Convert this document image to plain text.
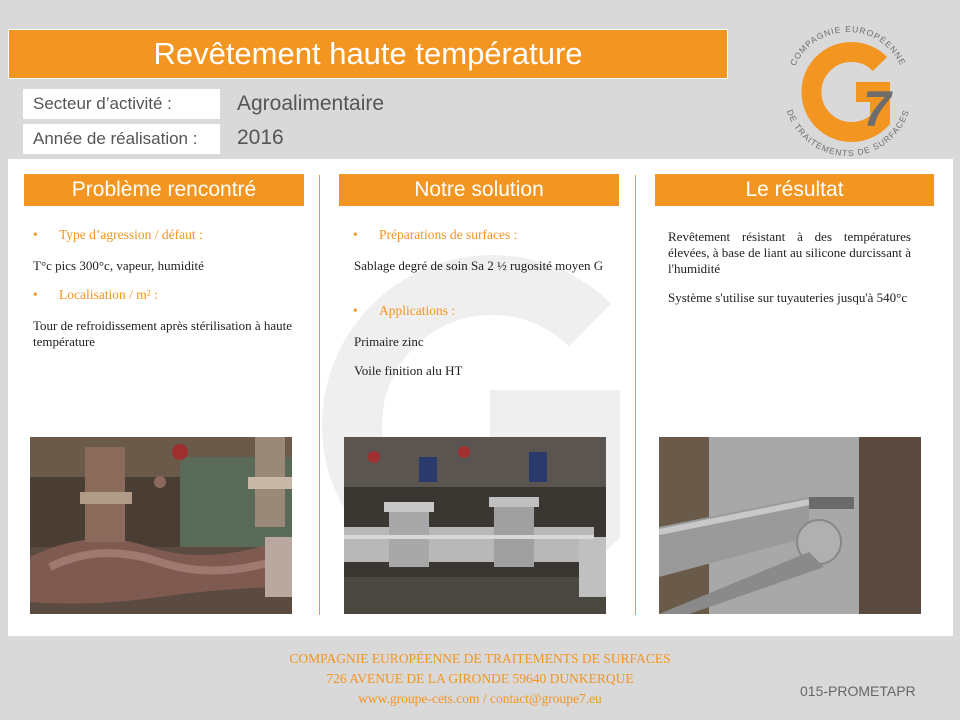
Revêtement haute température
Secteur d’activité :	Agroalimentaire
Année de réalisation :	2016
COMPAGNIE EUROPÉENNE
DE TRAITEMENTS DE SURFACES
7
Problème rencontré	Notre solution	Le résultat
• Type d’agression / défaut :
T°c pics 300°c, vapeur, humidité
• Localisation / m² :
Tour de refroidissement après stérilisation à haute température
• Préparations de surfaces :
Sablage degré de soin Sa 2 ½ rugosité moyen G
• Applications :
Primaire zinc
Voile finition alu HT
Revêtement résistant à des températures élevées, à base de liant au silicone durcissant à l'humidité
Système s'utilise sur tuyauteries jusqu'à 540°c
COMPAGNIE EUROPÉENNE DE TRAITEMENTS DE SURFACES
726 AVENUE DE LA GIRONDE 59640 DUNKERQUE
www.groupe-cets.com / contact@groupe7.eu	015-PROMETAPR
